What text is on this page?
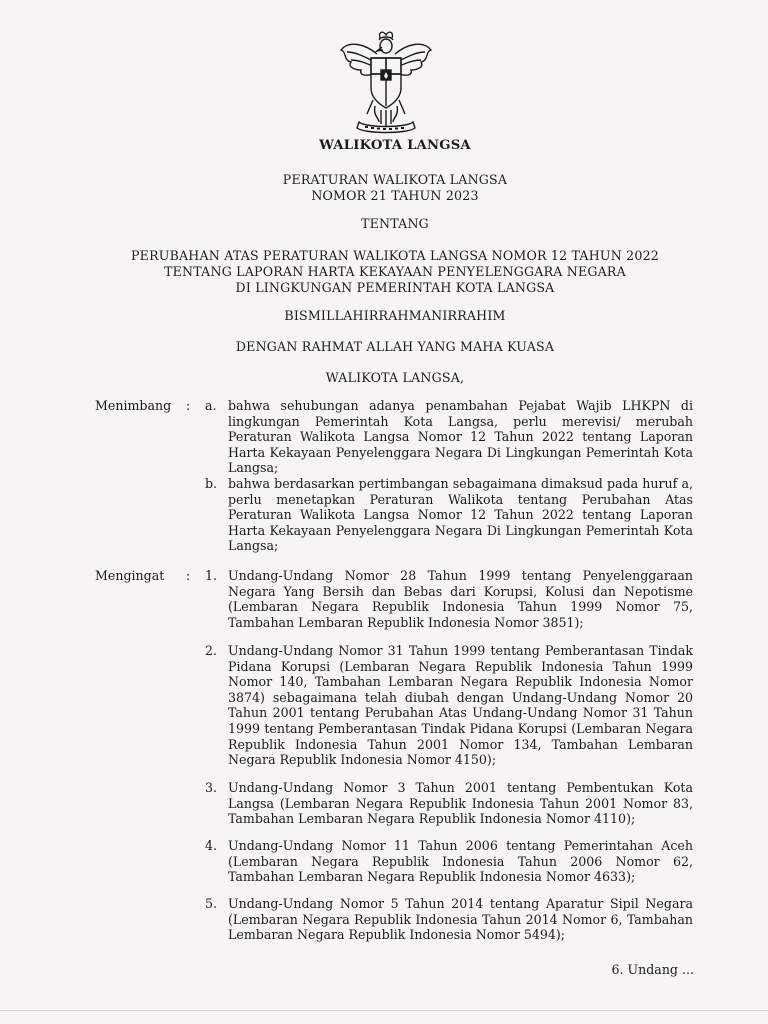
WALIKOTA LANGSA
PERATURAN WALIKOTA LANGSA
NOMOR 21 TAHUN 2023
TENTANG
PERUBAHAN ATAS PERATURAN WALIKOTA LANGSA NOMOR 12 TAHUN 2022
TENTANG LAPORAN HARTA KEKAYAAN PENYELENGGARA NEGARA
DI LINGKUNGAN PEMERINTAH KOTA LANGSA
BISMILLAHIRRAHMANIRRAHIM
DENGAN RAHMAT ALLAH YANG MAHA KUASA
WALIKOTA LANGSA,
Menimbang : a. bahwa sehubungan adanya penambahan Pejabat Wajib LHKPN di lingkungan Pemerintah Kota Langsa, perlu merevisi/ merubah Peraturan Walikota Langsa Nomor 12 Tahun 2022 tentang Laporan Harta Kekayaan Penyelenggara Negara Di Lingkungan Pemerintah Kota Langsa;
b. bahwa berdasarkan pertimbangan sebagaimana dimaksud pada huruf a, perlu menetapkan Peraturan Walikota tentang Perubahan Atas Peraturan Walikota Langsa Nomor 12 Tahun 2022 tentang Laporan Harta Kekayaan Penyelenggara Negara Di Lingkungan Pemerintah Kota Langsa;
Mengingat : 1. Undang-Undang Nomor 28 Tahun 1999 tentang Penyelenggaraan Negara Yang Bersih dan Bebas dari Korupsi, Kolusi dan Nepotisme (Lembaran Negara Republik Indonesia Tahun 1999 Nomor 75, Tambahan Lembaran Republik Indonesia Nomor 3851);
2. Undang-Undang Nomor 31 Tahun 1999 tentang Pemberantasan Tindak Pidana Korupsi (Lembaran Negara Republik Indonesia Tahun 1999 Nomor 140, Tambahan Lembaran Negara Republik Indonesia Nomor 3874) sebagaimana telah diubah dengan Undang-Undang Nomor 20 Tahun 2001 tentang Perubahan Atas Undang-Undang Nomor 31 Tahun 1999 tentang Pemberantasan Tindak Pidana Korupsi (Lembaran Negara Republik Indonesia Tahun 2001 Nomor 134, Tambahan Lembaran Negara Republik Indonesia Nomor 4150);
3. Undang-Undang Nomor 3 Tahun 2001 tentang Pembentukan Kota Langsa (Lembaran Negara Republik Indonesia Tahun 2001 Nomor 83, Tambahan Lembaran Negara Republik Indonesia Nomor 4110);
4. Undang-Undang Nomor 11 Tahun 2006 tentang Pemerintahan Aceh (Lembaran Negara Republik Indonesia Tahun 2006 Nomor 62, Tambahan Lembaran Negara Republik Indonesia Nomor 4633);
5. Undang-Undang Nomor 5 Tahun 2014 tentang Aparatur Sipil Negara (Lembaran Negara Republik Indonesia Tahun 2014 Nomor 6, Tambahan Lembaran Negara Republik Indonesia Nomor 5494);
6. Undang ...
